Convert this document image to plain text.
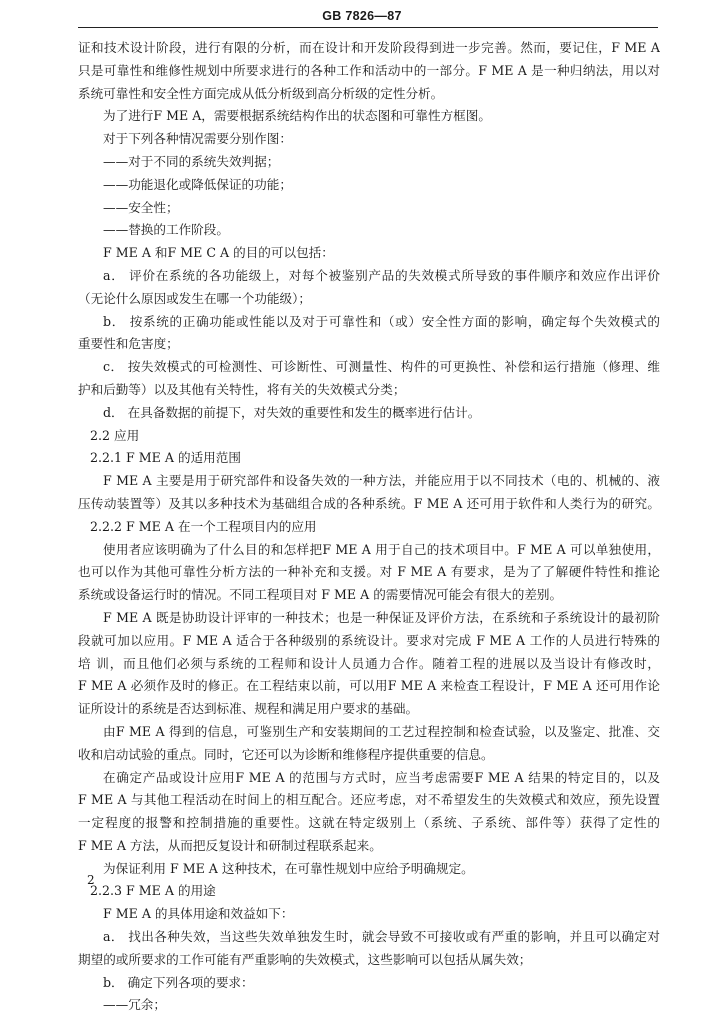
GB 7826—87
证和技术设计阶段，进行有限的分析，而在设计和开发阶段得到进一步完善。然而，要记住，F ME A
只是可靠性和维修性规划中所要求进行的各种工作和活动中的一部分。F ME A 是一种归纳法，用以对
系统可靠性和安全性方面完成从低分析级到高分析级的定性分析。
为了进行F ME A，需要根据系统结构作出的状态图和可靠性方框图。
对于下列各种情况需要分别作图：
——对于不同的系统失效判据；
——功能退化或降低保证的功能；
——安全性；
——替换的工作阶段。
F ME A 和F ME C A 的目的可以包括：
a． 评价在系统的各功能级上，对每个被鉴别产品的失效模式所导致的事件顺序和效应作出评价
（无论什么原因或发生在哪一个功能级）；
b． 按系统的正确功能或性能以及对于可靠性和（或）安全性方面的影响，确定每个失效模式的
重要性和危害度；
c． 按失效模式的可检测性、可诊断性、可测量性、构件的可更换性、补偿和运行措施（修理、维
护和后勤等）以及其他有关特性，将有关的失效模式分类；
d． 在具备数据的前提下，对失效的重要性和发生的概率进行估计。
2.2 应用
2.2.1 F ME A 的适用范围
F ME A 主要是用于研究部件和设备失效的一种方法，并能应用于以不同技术（电的、机械的、液
压传动装置等）及其以多种技术为基础组合成的各种系统。F ME A 还可用于软件和人类行为的研究。
2.2.2 F ME A 在一个工程项目内的应用
使用者应该明确为了什么目的和怎样把F ME A 用于自己的技术项目中。F ME A 可以单独使用，
也可以作为其他可靠性分析方法的一种补充和支援。对 F ME A 有要求，是为了了解硬件特性和推论
系统或设备运行时的情况。不同工程项目对 F ME A 的需要情况可能会有很大的差别。
F ME A 既是协助设计评审的一种技术；也是一种保证及评价方法，在系统和子系统设计的最初阶
段就可加以应用。F ME A 适合于各种级别的系统设计。要求对完成 F ME A 工作的人员进行特殊的
培 训，而且他们必须与系统的工程师和设计人员通力合作。随着工程的进展以及当设计有修改时，
F ME A 必须作及时的修正。在工程结束以前，可以用F ME A 来检查工程设计，F ME A 还可用作论
证所设计的系统是否达到标准、规程和满足用户要求的基础。
由F ME A 得到的信息，可鉴别生产和安装期间的工艺过程控制和检查试验，以及鉴定、批准、交
收和启动试验的重点。同时，它还可以为诊断和维修程序提供重要的信息。
在确定产品或设计应用F ME A 的范围与方式时，应当考虑需要F ME A 结果的特定目的，以及
F ME A 与其他工程活动在时间上的相互配合。还应考虑，对不希望发生的失效模式和效应，预先设置
一定程度的报警和控制措施的重要性。这就在特定级别上（系统、子系统、部件等）获得了定性的
F ME A 方法，从而把反复设计和研制过程联系起来。
为保证利用 F ME A 这种技术，在可靠性规划中应给予明确规定。
2.2.3 F ME A 的用途
F ME A 的具体用途和效益如下：
a． 找出各种失效，当这些失效单独发生时，就会导致不可接收或有严重的影响，并且可以确定对
期望的或所要求的工作可能有严重影响的失效模式，这些影响可以包括从属失效；
b． 确定下列各项的要求：
——冗余；
2
